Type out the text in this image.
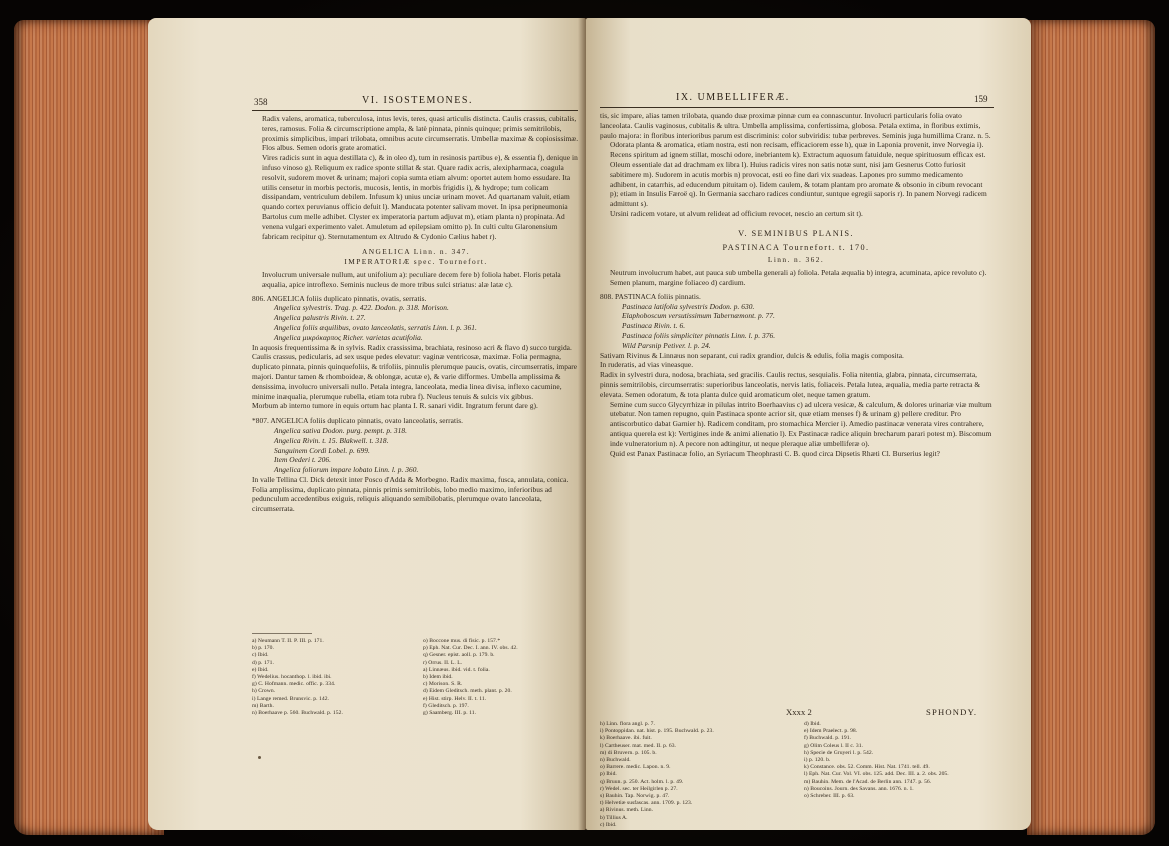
358	VI. ISOSTEMONES.

Radix valens, aromatica, tuberculosa, intus levis, teres, quasi articulis distincta. Caulis crassus, cubitalis, teres, ramosus. Folia & circumscriptione ampla, & latè pinnata, pinnis quinque; primis semitrilobis, proximis simplicibus, impari trilobata, omnibus acute circumserratis. Umbellæ maximæ & copiosissimæ. Flos albus. Semen odoris grate aromatici.

Vires radicis sunt in aqua destillata c), & in oleo d), tum in resinosis partibus e), & essentia f), denique in infuso vinoso g). Reliquum ex radice sponte stillat & stat. Quare radix acris, alexipharmaca, coagula resolvit, sudorem movet & urinam; majori copia sumta etiam alvum: oportet autem homo essudare. Ita utilis censetur in morbis pectoris, mucosis, lentis, in morbis frigidis i), & hydrope; tum colicam dissipandam, ventriculum debilem. Infusum k) unius unciæ urinam movet. Ad quartanam valuit, etiam quando cortex peruvianus officio defuit l). Manducata potenter salivam movet. In ipsa peripneumonia Bartolus cum melle adhibet. Clyster ex imperatoria partum adjuvat m), etiam planta n) propinata. Ad venena vulgari experimento valet. Amuletum ad epilepsiam omitto p). In culti cultu Glaronensium fabricam recipitur q). Sternutamentum ex Altrudo & Cydonio Cælius habet r).

ANGELICA Linn. n. 347.

IMPERATORIÆ spec. Tournefort.

Involucrum universale nullum, aut unifolium a): peculiare decem fere b) foliola habet. Floris petala æqualia, apice introflexo. Seminis nucleus de more tribus sulci striatus: alæ latæ c).

806. ANGELICA foliis duplicato pinnatis, ovatis, serratis.

Angelica sylvestris. Trag. p. 422. Dodon. p. 318. Morison.

Angelica palustris Rivin. t. 27.

Angelica foliis æquilibus, ovato lanceolatis, serratis Linn. l. p. 361.

Angelica μικρόκαρπος Richer. varietas acutifolia.

In aquosis frequentissima & in sylvis. Radix crassissima, brachiata, resinoso acri & flavo d) succo turgida. Caulis crassus, pedicularis, ad sex usque pedes elevatur: vaginæ ventricosæ, maximæ. Folia permagna, duplicato pinnata, pinnis quinquefoliis, & trifoliis, pinnulis plerumque paucis, ovatis, circumserratis, impare majori. Dantur tamen & rhomboideæ, & oblongæ, acutæ e), & varie difformes. Umbella amplissima & densissima, involucro universali nullo. Petala integra, lanceolata, media linea divisa, inflexo cacumine, minime inæqualia, plerumque rubella, etiam tota rubra f). Nucleus tenuis & sulcis vix gibbus.

Morbum ab interno tumore in equis ortum hac planta I. R. sanari vidit. Ingratum ferunt dare g).

*807. ANGELICA foliis duplicato pinnatis, ovato lanceolatis, serratis.

Angelica sativa Dodon. purg. pempt. p. 318.

Angelica Rivin. t. 15. Blakwell. t. 318.

Sanguinem Cordi Lobel. p. 699.

Item Oederi t. 206.

Angelica foliorum impare lobato Linn. l. p. 360.

In valle Tellina Cl. Dick detexit inter Posco d'Adda & Morbegno. Radix maxima, fusca, annulata, conica. Folia amplissima, duplicato pinnata, pinnis primis semitrilobis, lobo medio maximo, inferioribus ad pedunculum accedentibus exiguis, reliquis aliquando semibilobatis, plerumque ovato lanceolata, circumserrata.

a) Neumann T. II. P. III. p. 171.

b) p. 170.

c) Ibid.

d) p. 171.

e) Ibid.

f) Wedelius. hocanthop. l. ibid. ibi.

g) C. Hofmann. medic. offic. p. 334.

h) Crown.

i) Lange remed. Brunsvic. p. 142.

m) Barth.

n) Boerhaave p. 560. Buchwald. p. 152.

o) Boccone mus. di fisic. p. 157.*

p) Eph. Nat. Cur. Dec. I. ann. IV. obs. 42.

q) Gesner. epist. aoll. p. 179. b.

r) Orrus. II. L. L.

a) Linnæus. ibid. vid. t. folia.

b) Idem ibid.

c) Morison. S. R.

d) Eidem Gleditsch. meth. plant. p. 20.

e) Hist. stirp. Helv. II. t. 11.

f) Gleditsch. p. 197.

g) Saamberg. III. p. 11.

IX. UMBELLIFERÆ.	159

tis, sic impare, alias tamen trilobata, quando duæ proximæ pinnæ cum ea connascuntur. Involucri particularis folia ovato lanceolata. Caulis vaginosus, cubitalis & ultra. Umbella amplissima, confertissima, globosa. Petala extima, in floribus extimis, paulo majora: in floribus interioribus parum est discriminis: color subviridis: tubæ perbreves. Seminis juga humillima Cranz. n. 5.

Odorata planta & aromatica, etiam nostra, esti non recisam, efficaciorem esse h), quæ in Laponia provenit, inve Norvegia i).

Recens spiritum ad ignem stillat, moschi odore, inebriantem k). Extractum aquosum fatuidule, neque spirituosum efficax est. Oleum essentiale dat ad drachmam ex libra l). Huius radicis vires non satis notæ sunt, nisi jam Gesnerus Cotto furiosit sabitimere m). Sudorem in acutis morbis n) provocat, esti eo fine dari vix suadeas. Lapones pro summo medicamento adhibent, in catarrhis, ad educendum pituitam o). Iidem caulem, & totam plantam pro aromate & obsonio in cibum revocant p); etiam in Insulis Færoë q). In Germania saccharo radices condiuntur, suntque egregii saporis r). In panem Norvegi radicem admittunt s).

Ursini radicem votare, ut alvum relideat ad officium revocet, nescio an certum sit t).

V. SEMINIBUS PLANIS.

PASTINACA Tournefort. t. 170.

Linn. n. 362.

Neutrum involucrum habet, aut pauca sub umbella generali a) foliola. Petala æqualia b) integra, acuminata, apice revoluto c). Semen planum, margine foliaceo d) cardium.

808. PASTINACA foliis pinnatis.

Pastinaca latifolia sylvestris Dodon. p. 630.

Elaphoboscum versutissimum Tabernæmont. p. 77.

Pastinaca Rivin. t. 6.

Pastinaca foliis simpliciter pinnatis Linn. l. p. 376.

Wild Parsnip Petiver. l. p. 24.

Sativam Rivinus & Linnæus non separant, cui radix grandior, dulcis & edulis, folia magis composita.

In ruderatis, ad vias vineasque.

Radix in sylvestri dura, nodosa, brachiata, sed gracilis. Caulis rectus, sesquialis. Folia nitentia, glabra, pinnata, circumserrata, pinnis semitrilobis, circumserratis: superioribus lanceolatis, nervis latis, foliaceis. Petala lutea, æqualia, media parte retracta & elevata. Semen odoratum, & tota planta dulce quid aromaticum olet, neque tamen gratum.

Semine cum succo Glycyrrhizæ in pilulas intrito Boerhaavius c) ad ulcera vesicæ, & calculum, & dolores urinariæ viæ multum utebatur. Non tamen repugno, quin Pastinaca sponte acrior sit, quæ etiam menses f) & urinam g) pellere creditur. Pro antiscorbutico dabat Garnier h). Radicem conditam, pro stomachica Mercier i). Amedio pastinacæ venerata vires contrahere, antiqua querela est k): Vertigines inde & animi alienatio l). Ex Pastinacæ radice aliquin brecharum parari potest m). Biscomum inde vulneratorium n). A pecore non adtingitur, ut neque pleraque aliæ umbelliferæ o).

Quid est Panax Pastinacæ folio, an Syriacum Theophrasti C. B. quod circa Dipsetis Rhæti Cl. Burserius legit?

Xxxx 2	SPHONDY.

h) Linn. flora angl. p. 7.

i) Pontoppidan. nat. hist. p. 195. Buchwald. p. 23.

k) Boerhaave. ibi. fuit.

l) Cartheuser. mat. med. II. p. 63.

m) di Bruvern. p. 105. b.

n) Buchwald.

o) Barrere. medic. Lapon. n. 9.

p) Ibid.

q) Bruun. p. 250. Act. holm. l. p. 49.

r) Wedel. sec. ter Heilgirlen p. 27.

s) Bauhin. Tap. Norwig. p. 47.

t) Helvetiæ susfascas. ann. 1709. p. 123.

a) Rivinus. meth. Linn.

b) Tillius A.

c) Ibid.

d) Ibid.

e) Idem Praelect. p. 98.

f) Buchwald. p. 191.

g) Olim Coleus l. II c. 31.

h) Specie de Gruyeri l. p. 542.

i) p. 120. b.

k) Constance. obs. 52. Comm. Hist. Nat. 1741. tell. 49.

l) Eph. Nat. Cur. Vol. VI. obs. 125. add. Dec. III. a. 2. obs. 205.

m) Bauhin. Mem. de l'Acad. de Berlin ann. 1747. p. 56.

n) Boucoins. Journ. des Savans. ann. 1676. n. 1.

o) Schreber. III. p. 63.
